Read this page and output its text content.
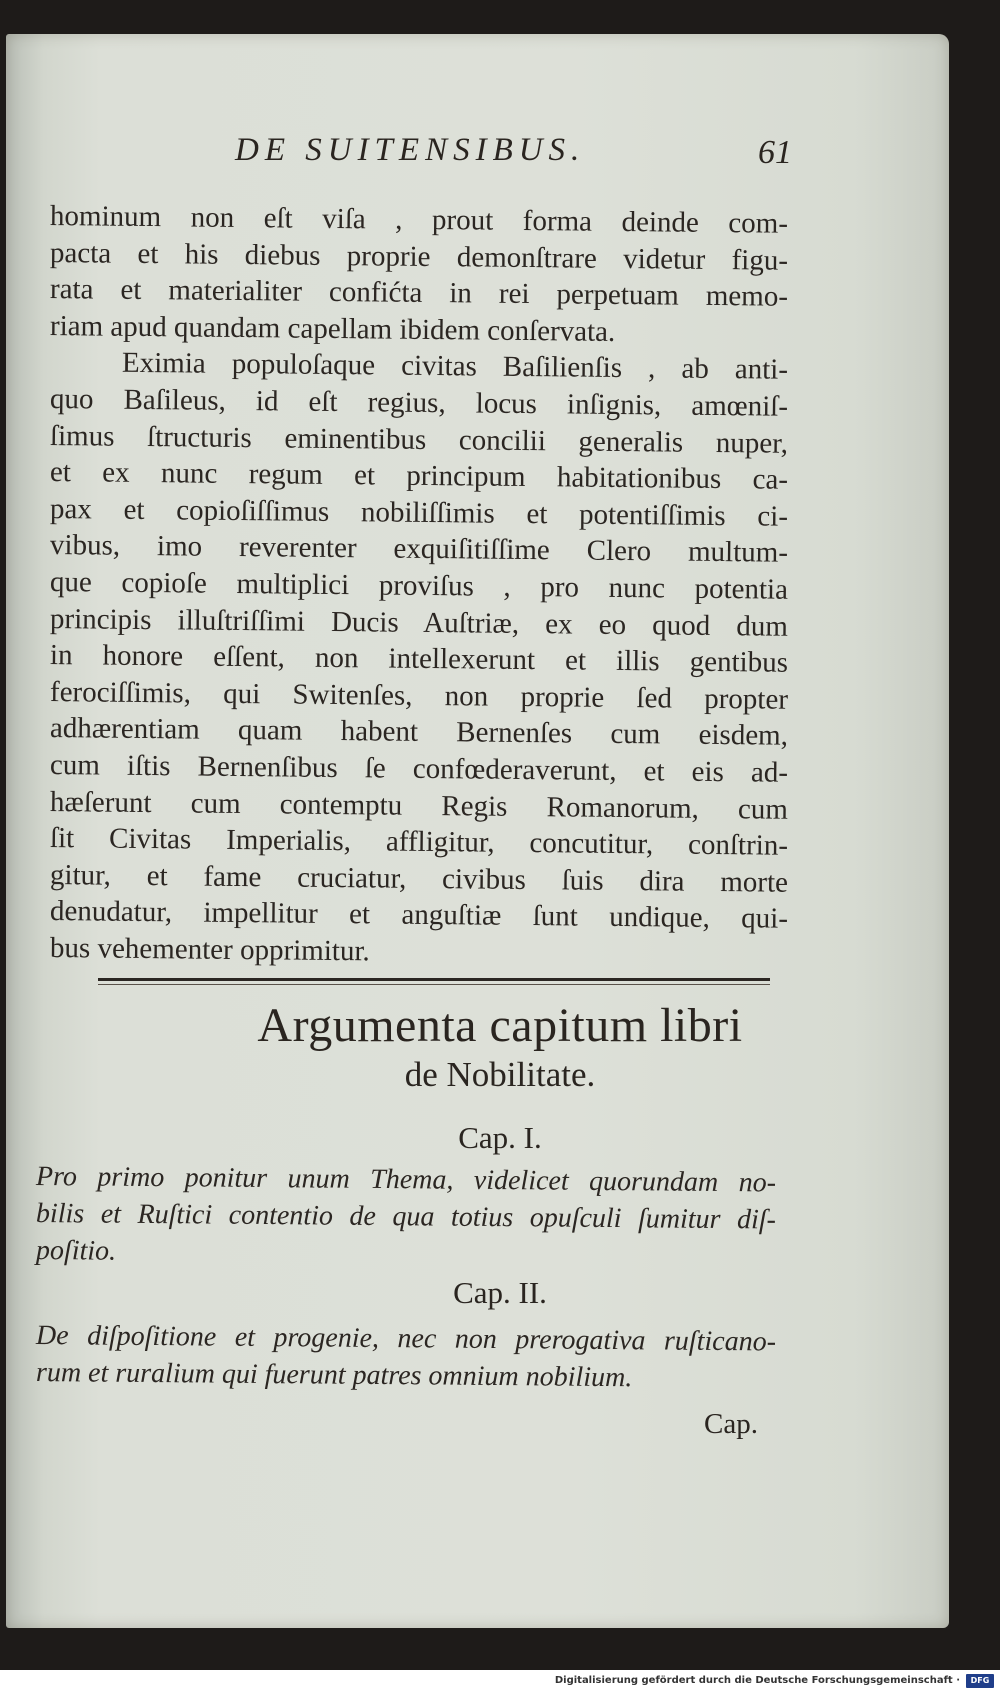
DE SUITENSIBUS.	61
hominum non eſt viſa , prout forma deinde com-
pacta et his diebus proprie demonſtrare videtur figu-
rata et materialiter confićta in rei perpetuam memo-
riam apud quandam capellam ibidem conſervata.
Eximia populoſaque civitas Baſilienſis , ab anti-
quo Baſileus, id eſt regius, locus inſignis, amœniſ-
ſimus ſtructuris eminentibus concilii generalis nuper,
et ex nunc regum et principum habitationibus ca-
pax et copioſiſſimus nobiliſſimis et potentiſſimis ci-
vibus, imo reverenter exquiſitiſſime Clero multum-
que copioſe multiplici proviſus , pro nunc potentia
principis illuſtriſſimi Ducis Auſtriæ, ex eo quod dum
in honore eſſent, non intellexerunt et illis gentibus
ferociſſimis, qui Switenſes, non proprie ſed propter
adhærentiam quam habent Bernenſes cum eisdem,
cum iſtis Bernenſibus ſe confœderaverunt, et eis ad-
hæſerunt cum contemptu Regis Romanorum, cum
ſit Civitas Imperialis, affligitur, concutitur, conſtrin-
gitur, et fame cruciatur, civibus ſuis dira morte
denudatur, impellitur et anguſtiæ ſunt undique, qui-
bus vehementer opprimitur.
Argumenta capitum libri
de Nobilitate.
Cap. I.
Pro primo ponitur unum Thema, videlicet quorundam no-
bilis et Ruſtici contentio de qua totius opuſculi ſumitur diſ-
poſitio.
Cap. II.
De diſpoſitione et progenie, nec non prerogativa ruſticano-
rum et ruralium qui fuerunt patres omnium nobilium.
Cap.
Digitalisierung gefördert durch die Deutsche Forschungsgemeinschaft ·	DFG
